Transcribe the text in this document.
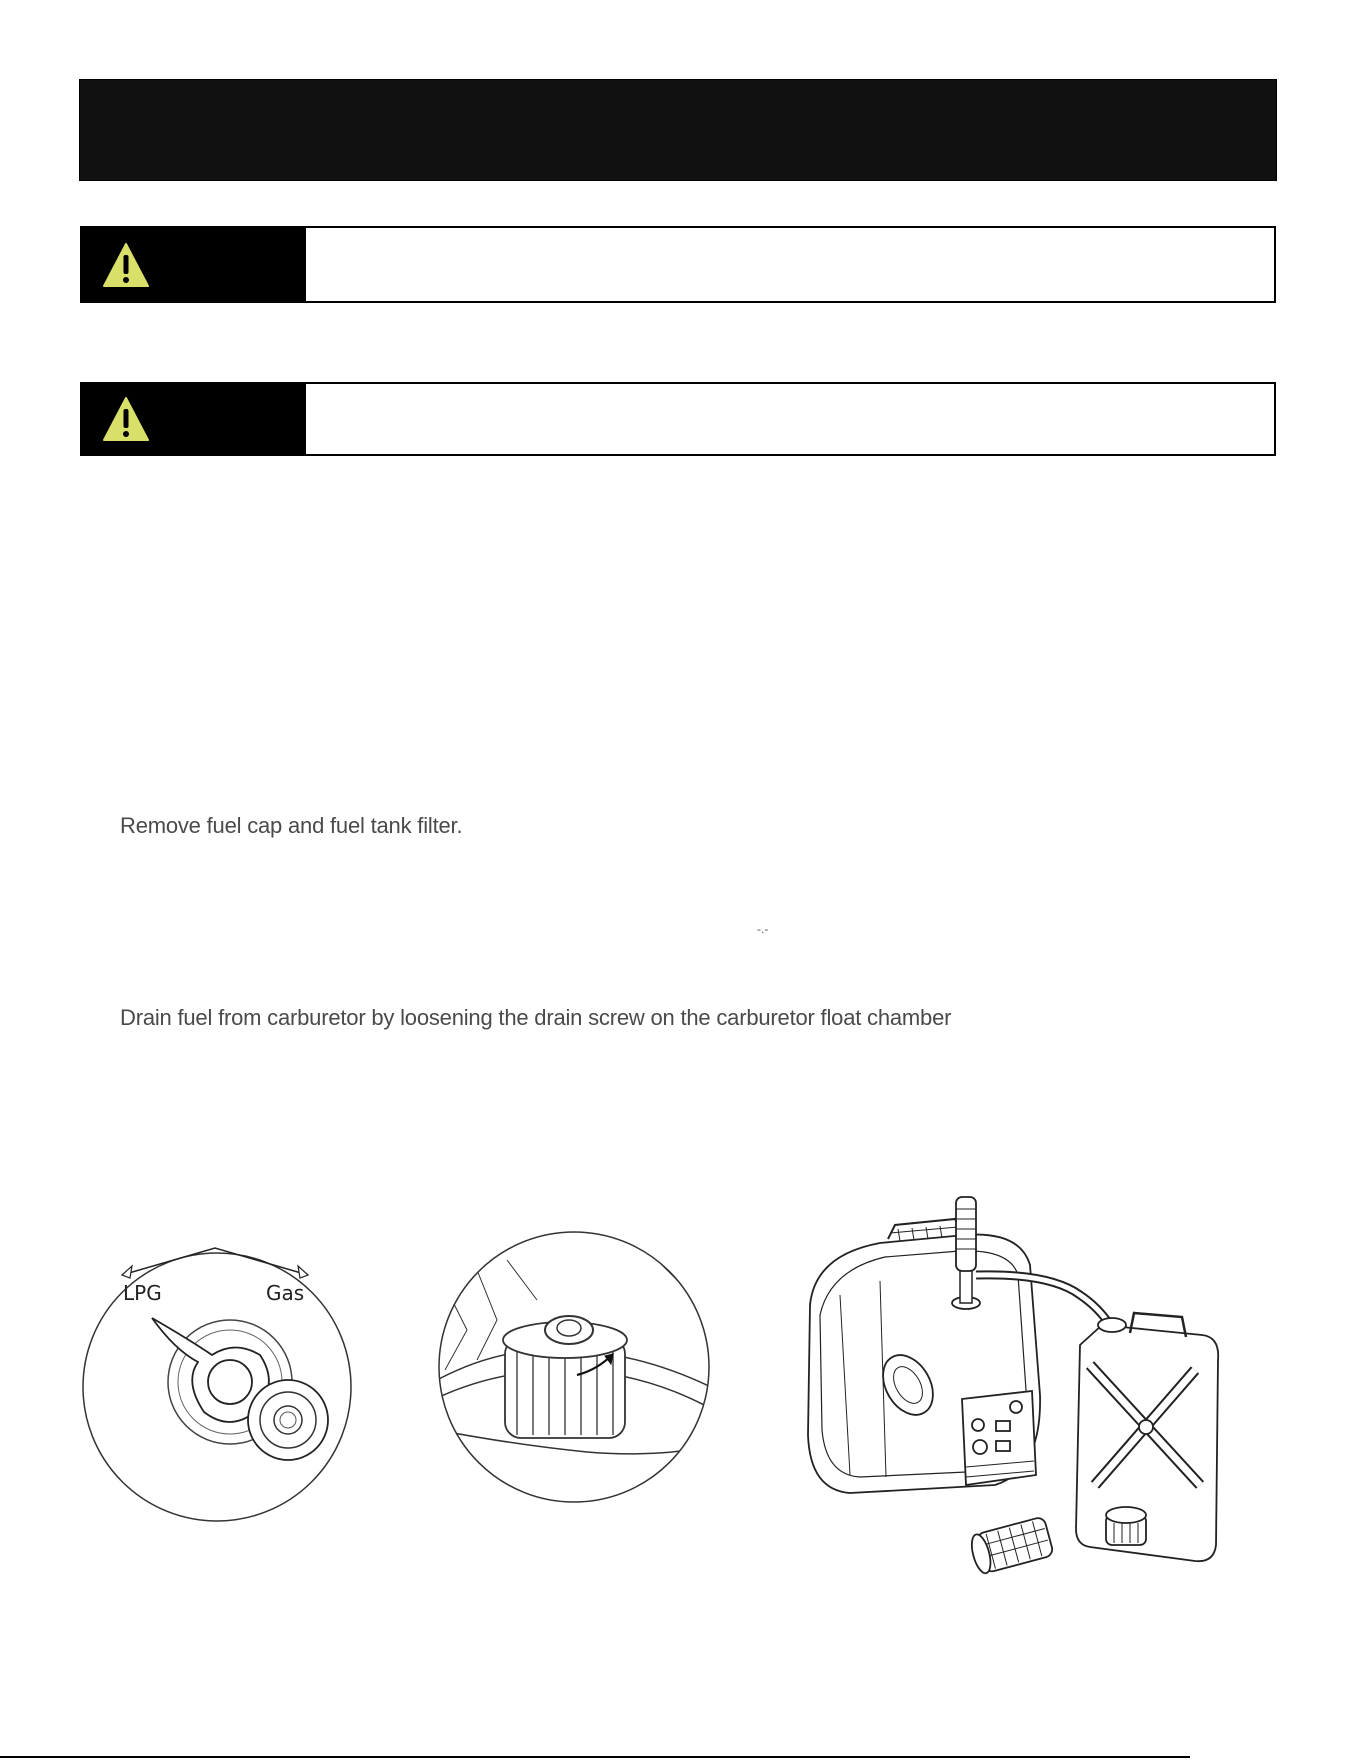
Remove fuel cap and fuel tank filter.
-.-
Drain fuel from carburetor by loosening the drain screw on the carburetor float chamber
LPG	Gas
